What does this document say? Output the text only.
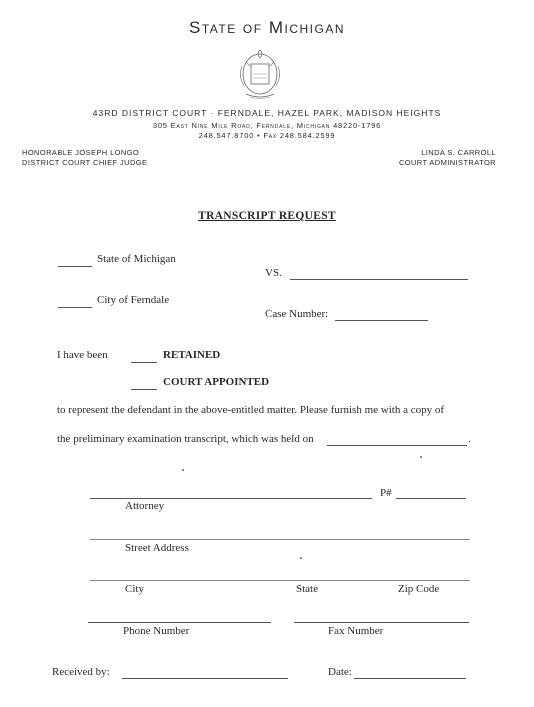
State of Michigan
43RD DISTRICT COURT · FERNDALE, HAZEL PARK, MADISON HEIGHTS
305 East Nine Mile Road, Ferndale, Michigan 48220-1796
248.547.8700 • Fax 248.584.2599
HONORABLE JOSEPH LONGO
DISTRICT COURT CHIEF JUDGE
LINDA S. CARROLL
COURT ADMINISTRATOR
TRANSCRIPT REQUEST
State of Michigan
VS.
City of Ferndale
Case Number:
I have been	RETAINED
COURT APPOINTED
to represent the defendant in the above-entitled matter. Please furnish me with a copy of
the preliminary examination transcript, which was held on	.
P#
Attorney
Street Address
City	State	Zip Code
Phone Number	Fax Number
Received by:	Date:
